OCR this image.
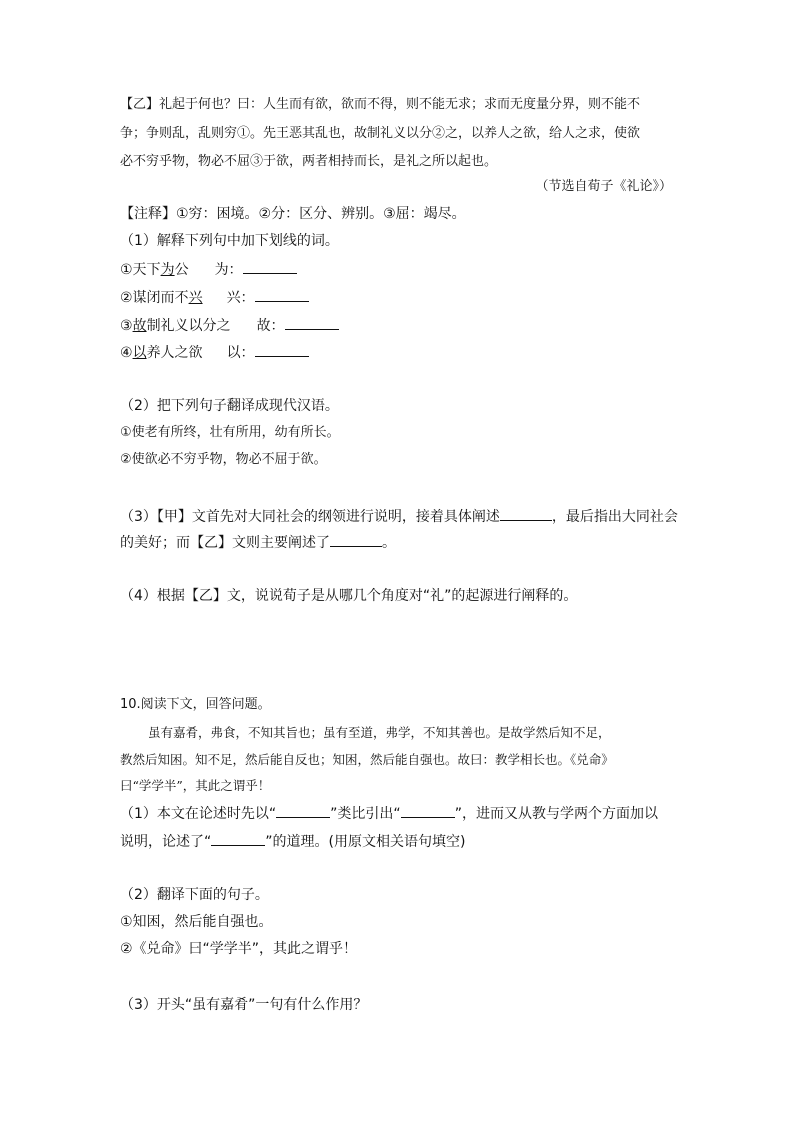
【乙】礼起于何也？曰：人生而有欲，欲而不得，则不能无求；求而无度量分界，则不能不
争；争则乱，乱则穷①。先王恶其乱也，故制礼义以分②之，以养人之欲，给人之求，使欲
必不穷乎物，物必不屈③于欲，两者相持而长，是礼之所以起也。
（节选自荀子《礼论》）
【注释】①穷：困境。②分：区分、辨别。③屈：竭尽。
（1）解释下列句中加下划线的词。
①天下为公 为：
②谋闭而不兴 兴：
③故制礼义以分之 故：
④以养人之欲 以：
（2）把下列句子翻译成现代汉语。
①使老有所终，壮有所用，幼有所长。
②使欲必不穷乎物，物必不屈于欲。
（3）【甲】文首先对大同社会的纲领进行说明，接着具体阐述	，最后指出大同社会
的美好；而【乙】文则主要阐述了	。
（4）根据【乙】文，说说荀子是从哪几个角度对“礼”的起源进行阐释的。
10.阅读下文，回答问题。
虽有嘉肴，弗食，不知其旨也；虽有至道，弗学，不知其善也。是故学然后知不足，
教然后知困。知不足，然后能自反也；知困，然后能自强也。故曰：教学相长也。《兑命》
曰“学学半”，其此之谓乎！
（1）本文在论述时先以“	”类比引出“	”，进而又从教与学两个方面加以
说明，论述了“	”的道理。(用原文相关语句填空)
（2）翻译下面的句子。
①知困，然后能自强也。
②《兑命》曰“学学半”，其此之谓乎！
（3）开头“虽有嘉肴”一句有什么作用？
